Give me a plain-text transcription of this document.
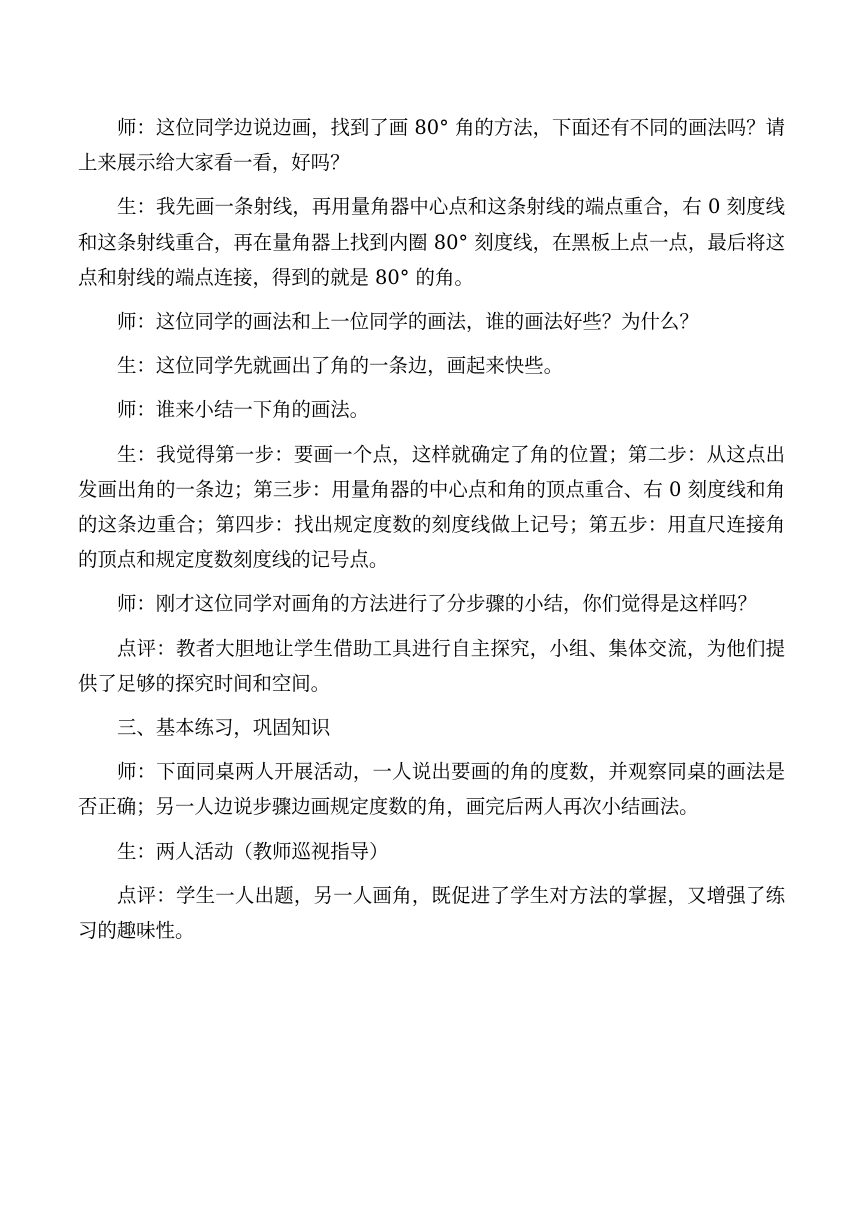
师：这位同学边说边画，找到了画 80° 角的方法，下面还有不同的画法吗？请上来展示给大家看一看，好吗？

生：我先画一条射线，再用量角器中心点和这条射线的端点重合，右 0 刻度线和这条射线重合，再在量角器上找到内圈 80° 刻度线，在黑板上点一点，最后将这点和射线的端点连接，得到的就是 80° 的角。

师：这位同学的画法和上一位同学的画法，谁的画法好些？为什么？

生：这位同学先就画出了角的一条边，画起来快些。

师：谁来小结一下角的画法。

生：我觉得第一步：要画一个点，这样就确定了角的位置；第二步：从这点出发画出角的一条边；第三步：用量角器的中心点和角的顶点重合、右 0 刻度线和角的这条边重合；第四步：找出规定度数的刻度线做上记号；第五步：用直尺连接角的顶点和规定度数刻度线的记号点。

师：刚才这位同学对画角的方法进行了分步骤的小结，你们觉得是这样吗？

点评：教者大胆地让学生借助工具进行自主探究，小组、集体交流，为他们提供了足够的探究时间和空间。

三、基本练习，巩固知识

师：下面同桌两人开展活动，一人说出要画的角的度数，并观察同桌的画法是否正确；另一人边说步骤边画规定度数的角，画完后两人再次小结画法。

生：两人活动（教师巡视指导）

点评：学生一人出题，另一人画角，既促进了学生对方法的掌握，又增强了练习的趣味性。
